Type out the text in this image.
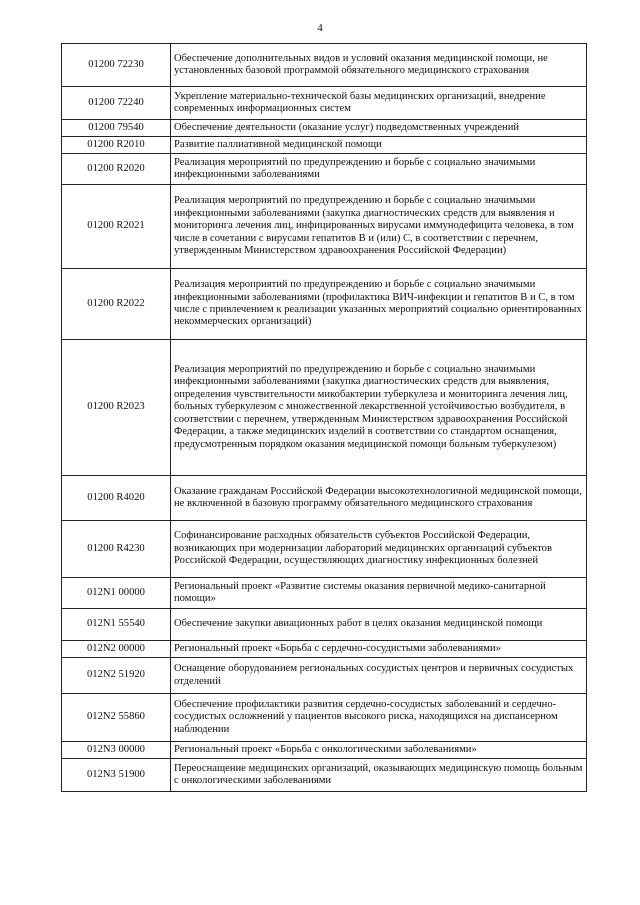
4
01200 72230	Обеспечение дополнительных видов и условий оказания медицинской помощи, не установленных базовой программой обязательного медицинского страхования
01200 72240	Укрепление материально-технической базы медицинских организаций, внедрение современных информационных систем
01200 79540	Обеспечение деятельности (оказание услуг) подведомственных учреждений
01200 R2010	Развитие паллиативной медицинской помощи
01200 R2020	Реализация мероприятий по предупреждению и борьбе с социально значимыми инфекционными заболеваниями
01200 R2021	Реализация мероприятий по предупреждению и борьбе с социально значимыми инфекционными заболеваниями (закупка диагностических средств для выявления и мониторинга лечения лиц, инфицированных вирусами иммунодефицита человека, в том числе в сочетании с вирусами гепатитов В и (или) С, в соответствии с перечнем, утвержденным Министерством здравоохранения Российской Федерации)
01200 R2022	Реализация мероприятий по предупреждению и борьбе с социально значимыми инфекционными заболеваниями (профилактика ВИЧ-инфекции и гепатитов В и С, в том числе с привлечением к реализации указанных мероприятий социально ориентированных некоммерческих организаций)
01200 R2023	Реализация мероприятий по предупреждению и борьбе с социально значимыми инфекционными заболеваниями (закупка диагностических средств для выявления, определения чувствительности микобактерии туберкулеза и мониторинга лечения лиц, больных туберкулезом с множественной лекарственной устойчивостью возбудителя, в соответствии с перечнем, утвержденным Министерством здравоохранения Российской Федерации, а также медицинских изделий в соответствии со стандартом оснащения, предусмотренным порядком оказания медицинской помощи больным туберкулезом)
01200 R4020	Оказание гражданам Российской Федерации высокотехнологичной медицинской помощи, не включенной в базовую программу обязательного медицинского страхования
01200 R4230	Софинансирование расходных обязательств субъектов Российской Федерации, возникающих при модернизации лабораторий медицинских организаций субъектов Российской Федерации, осуществляющих диагностику инфекционных болезней
012N1 00000	Региональный проект «Развитие системы оказания первичной медико-санитарной помощи»
012N1 55540	Обеспечение закупки авиационных работ в целях оказания медицинской помощи
012N2 00000	Региональный проект «Борьба с сердечно-сосудистыми заболеваниями»
012N2 51920	Оснащение оборудованием региональных сосудистых центров и первичных сосудистых отделений
012N2 55860	Обеспечение профилактики развития сердечно-сосудистых заболеваний и сердечно-сосудистых осложнений у пациентов высокого риска, находящихся на диспансерном наблюдении
012N3 00000	Региональный проект «Борьба с онкологическими заболеваниями»
012N3 51900	Переоснащение медицинских организаций, оказывающих медицинскую помощь больным с онкологическими заболеваниями
